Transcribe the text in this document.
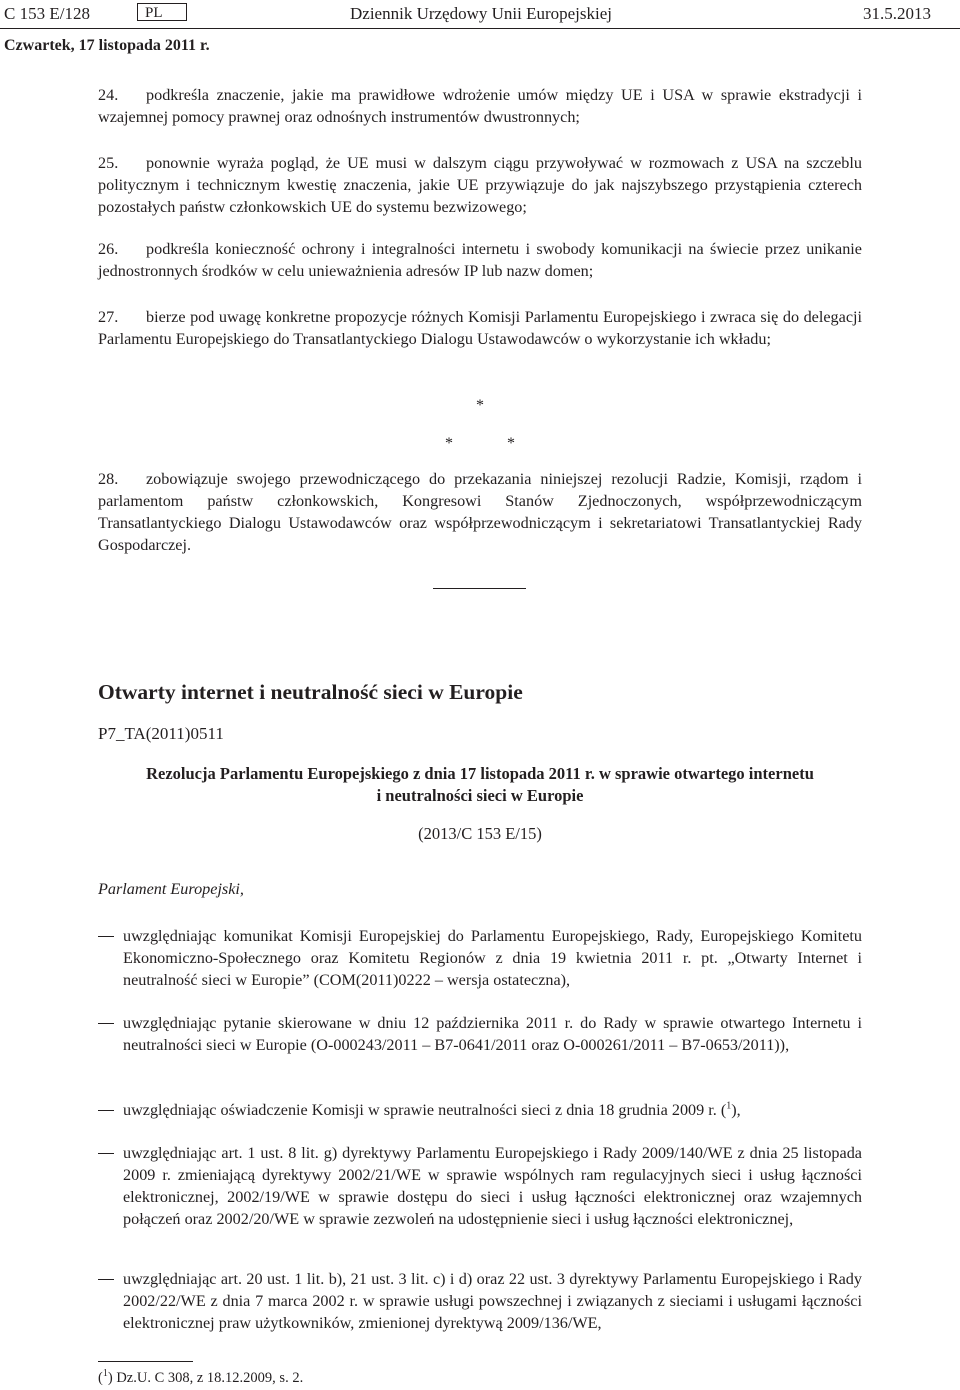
C 153 E/128	PL	Dziennik Urzędowy Unii Europejskiej	31.5.2013
Czwartek, 17 listopada 2011 r.
24. podkreśla znaczenie, jakie ma prawidłowe wdrożenie umów między UE i USA w sprawie ekstradycji i wzajemnej pomocy prawnej oraz odnośnych instrumentów dwustronnych;
25. ponownie wyraża pogląd, że UE musi w dalszym ciągu przywoływać w rozmowach z USA na szczeblu politycznym i technicznym kwestię znaczenia, jakie UE przywiązuje do jak najszybszego przystąpienia czterech pozostałych państw członkowskich UE do systemu bezwizowego;
26. podkreśla konieczność ochrony i integralności internetu i swobody komunikacji na świecie przez unikanie jednostronnych środków w celu unieważnienia adresów IP lub nazw domen;
27. bierze pod uwagę konkretne propozycje różnych Komisji Parlamentu Europejskiego i zwraca się do delegacji Parlamentu Europejskiego do Transatlantyckiego Dialogu Ustawodawców o wykorzystanie ich wkładu;
*
*	*
28. zobowiązuje swojego przewodniczącego do przekazania niniejszej rezolucji Radzie, Komisji, rządom i parlamentom państw członkowskich, Kongresowi Stanów Zjednoczonych, współprzewodniczącym Transatlantyckiego Dialogu Ustawodawców oraz współprzewodniczącym i sekretariatowi Transatlantyckiej Rady Gospodarczej.
Otwarty internet i neutralność sieci w Europie
P7_TA(2011)0511
Rezolucja Parlamentu Europejskiego z dnia 17 listopada 2011 r. w sprawie otwartego internetu
i neutralności sieci w Europie
(2013/C 153 E/15)
Parlament Europejski,
uwzględniając komunikat Komisji Europejskiej do Parlamentu Europejskiego, Rady, Europejskiego Komitetu Ekonomiczno-Społecznego oraz Komitetu Regionów z dnia 19 kwietnia 2011 r. pt. „Otwarty Internet i neutralność sieci w Europie” (COM(2011)0222 – wersja ostateczna),
uwzględniając pytanie skierowane w dniu 12 października 2011 r. do Rady w sprawie otwartego Internetu i neutralności sieci w Europie (O-000243/2011 – B7-0641/2011 oraz O-000261/2011 – B7-0653/2011)),
uwzględniając oświadczenie Komisji w sprawie neutralności sieci z dnia 18 grudnia 2009 r. ($^1$),
uwzględniając art. 1 ust. 8 lit. g) dyrektywy Parlamentu Europejskiego i Rady 2009/140/WE z dnia 25 listopada 2009 r. zmieniającą dyrektywy 2002/21/WE w sprawie wspólnych ram regulacyjnych sieci i usług łączności elektronicznej, 2002/19/WE w sprawie dostępu do sieci i usług łączności elektronicznej oraz wzajemnych połączeń oraz 2002/20/WE w sprawie zezwoleń na udostępnienie sieci i usług łączności elektronicznej,
uwzględniając art. 20 ust. 1 lit. b), 21 ust. 3 lit. c) i d) oraz 22 ust. 3 dyrektywy Parlamentu Europejskiego i Rady 2002/22/WE z dnia 7 marca 2002 r. w sprawie usługi powszechnej i związanych z sieciami i usługami łączności elektronicznej praw użytkowników, zmienionej dyrektywą 2009/136/WE,
($^1$) Dz.U. C 308, z 18.12.2009, s. 2.
